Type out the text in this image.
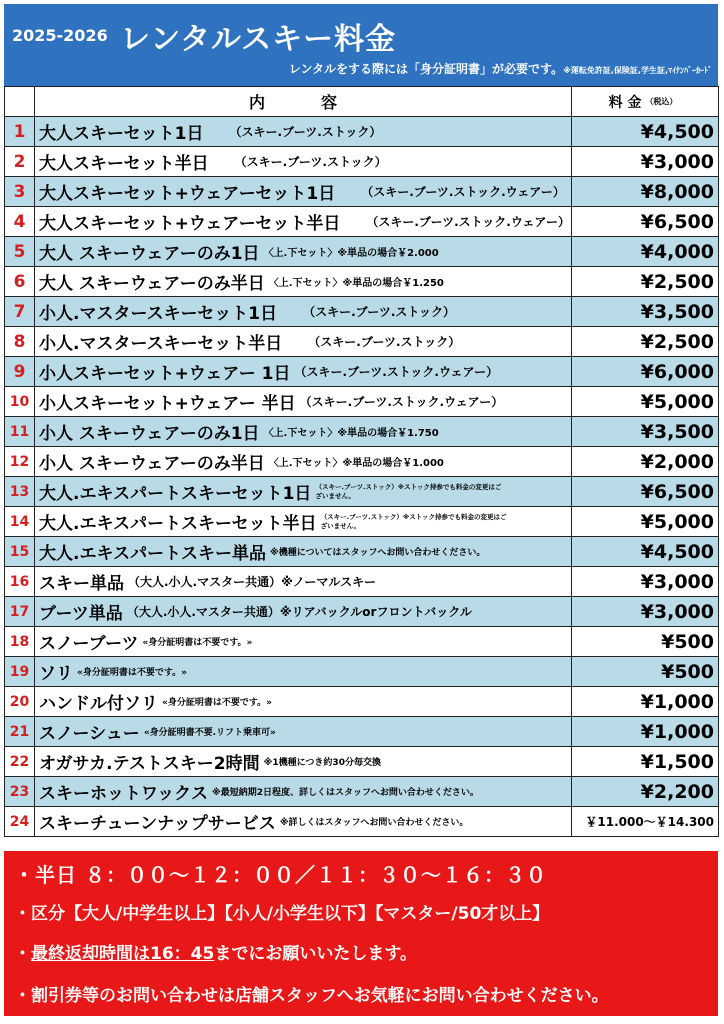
2025-2026 レンタルスキー料金
レンタルをする際には「身分証明書」が必要です。※運転免許証,保険証,学生証,ﾏｲﾅﾝﾊﾞｰｶｰﾄﾞ
内　容	料 金 （税込）
1 大人スキーセット1日 （スキー.ブーツ.ストック）	¥4,500
2 大人スキーセット半日 （スキー.ブーツ.ストック）	¥3,000
3 大人スキーセット+ウェアーセット1日 （スキー.ブーツ.ストック.ウェアー）	¥8,000
4 大人スキーセット+ウェアーセット半日 （スキー.ブーツ.ストック.ウェアー）	¥6,500
5 大人 スキーウェアーのみ1日 〈上.下セット〉※単品の場合￥2.000	¥4,000
6 大人 スキーウェアーのみ半日 〈上.下セット〉※単品の場合￥1.250	¥2,500
7 小人.マスタースキーセット1日 （スキー.ブーツ.ストック）	¥3,500
8 小人.マスタースキーセット半日 （スキー.ブーツ.ストック）	¥2,500
9 小人スキーセット+ウェアー 1日 （スキー.ブーツ.ストック.ウェアー）	¥6,000
10 小人スキーセット+ウェアー 半日 （スキー.ブーツ.ストック.ウェアー）	¥5,000
11 小人 スキーウェアーのみ1日 〈上.下セット〉※単品の場合￥1.750	¥3,500
12 小人 スキーウェアーのみ半日 〈上.下セット〉※単品の場合￥1.000	¥2,000
13 大人.エキスパートスキーセット1日 （スキー.ブーツ.ストック）※ストック持参でも料金の変更はございません。	¥6,500
14 大人.エキスパートスキーセット半日 （スキー.ブーツ.ストック）※ストック持参でも料金の変更はございません。	¥5,000
15 大人.エキスパートスキー単品 ※機種についてはスタッフへお問い合わせください。	¥4,500
16 スキー単品 （大人.小人.マスター共通）※ノーマルスキー	¥3,000
17 ブーツ単品 （大人.小人.マスター共通）※リアバックルorフロントバックル	¥3,000
18 スノーブーツ «身分証明書は不要です。»	¥500
19 ソリ «身分証明書は不要です。»	¥500
20 ハンドル付ソリ «身分証明書は不要です。»	¥1,000
21 スノーシュー «身分証明書不要.リフト乗車可»	¥1,000
22 オガサカ.テストスキー2時間 ※1機種につき約30分毎交換	¥1,500
23 スキーホットワックス ※最短納期2日程度、詳しくはスタッフへお問い合わせください。	¥2,200
24 スキーチューンナップサービス ※詳しくはスタッフへお問い合わせください。	￥11.000～￥14.300
・半日 ８：００～１２：００／１１：３０～１６：３０
・区分【大人/中学生以上】【小人/小学生以下】【マスター/50才以上】
・最終返却時間は16：45までにお願いいたします。
・割引券等のお問い合わせは店舗スタッフへお気軽にお問い合わせください。
